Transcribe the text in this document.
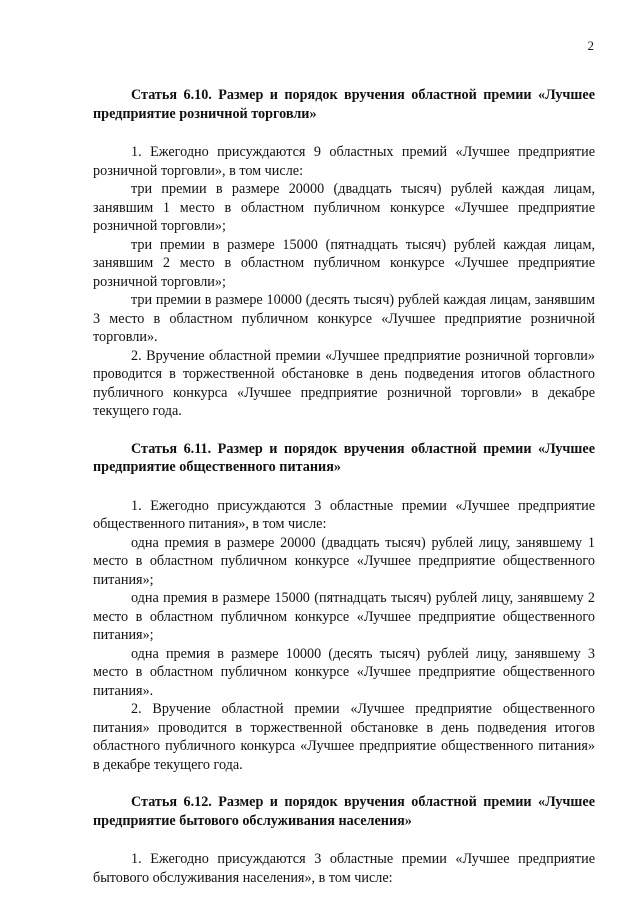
2

Статья 6.10. Размер и порядок вручения областной премии «Лучшее предприятие розничной торговли»

1. Ежегодно присуждаются 9 областных премий «Лучшее предприятие розничной торговли», в том числе:

три премии в размере 20000 (двадцать тысяч) рублей каждая лицам, занявшим 1 место в областном публичном конкурсе «Лучшее предприятие розничной торговли»;

три премии в размере 15000 (пятнадцать тысяч) рублей каждая лицам, занявшим 2 место в областном публичном конкурсе «Лучшее предприятие розничной торговли»;

три премии в размере 10000 (десять тысяч) рублей каждая лицам, занявшим 3 место в областном публичном конкурсе «Лучшее предприятие розничной торговли».

2. Вручение областной премии «Лучшее предприятие розничной торговли» проводится в торжественной обстановке в день подведения итогов областного публичного конкурса «Лучшее предприятие розничной торговли» в декабре текущего года.

Статья 6.11. Размер и порядок вручения областной премии «Лучшее предприятие общественного питания»

1. Ежегодно присуждаются 3 областные премии «Лучшее предприятие общественного питания», в том числе:

одна премия в размере 20000 (двадцать тысяч) рублей лицу, занявшему 1 место в областном публичном конкурсе «Лучшее предприятие общественного питания»;

одна премия в размере 15000 (пятнадцать тысяч) рублей лицу, занявшему 2 место в областном публичном конкурсе «Лучшее предприятие общественного питания»;

одна премия в размере 10000 (десять тысяч) рублей лицу, занявшему 3 место в областном публичном конкурсе «Лучшее предприятие общественного питания».

2. Вручение областной премии «Лучшее предприятие общественного питания» проводится в торжественной обстановке в день подведения итогов областного публичного конкурса «Лучшее предприятие общественного питания» в декабре текущего года.

Статья 6.12. Размер и порядок вручения областной премии «Лучшее предприятие бытового обслуживания населения»

1. Ежегодно присуждаются 3 областные премии «Лучшее предприятие бытового обслуживания населения», в том числе:
